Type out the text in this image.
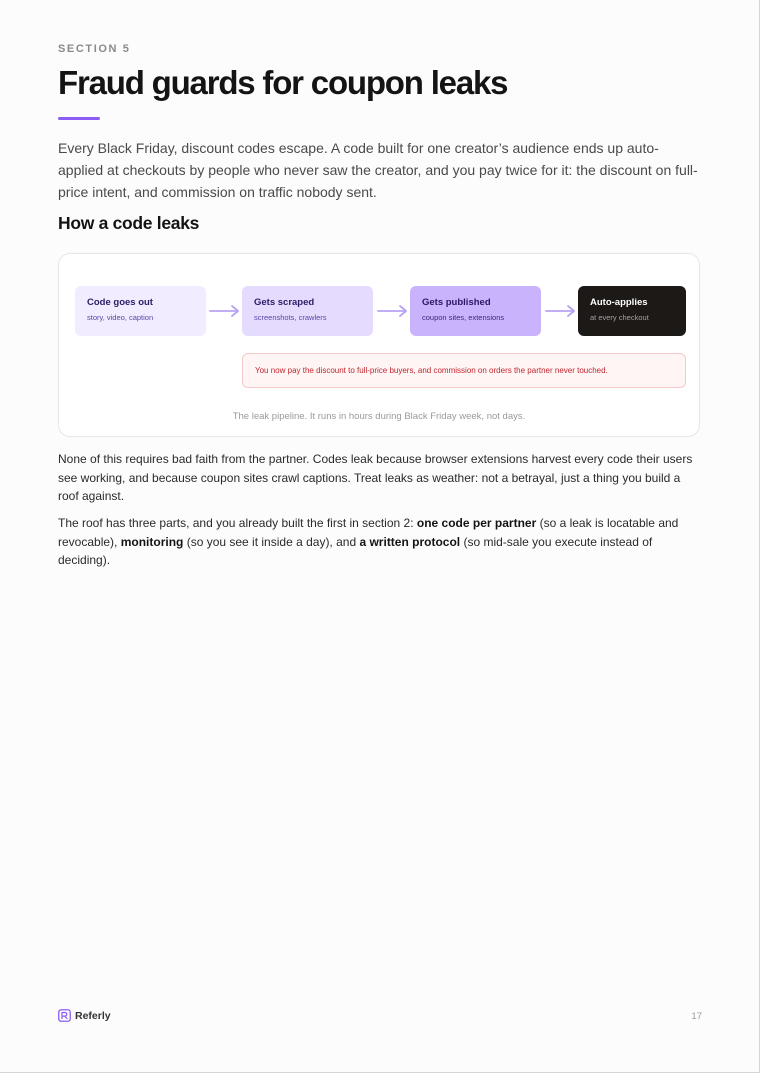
SECTION 5
Fraud guards for coupon leaks

Every Black Friday, discount codes escape. A code built for one creator’s audience ends up auto-applied at checkouts by people who never saw the creator, and you pay twice for it: the discount on full-price intent, and commission on traffic nobody sent.

How a code leaks
Code goes out
story, video, caption
Gets scraped
screenshots, crawlers
Gets published
coupon sites, extensions
Auto-applies
at every checkout
You now pay the discount to full-price buyers, and commission on orders the partner never touched.
The leak pipeline. It runs in hours during Black Friday week, not days.

None of this requires bad faith from the partner. Codes leak because browser extensions harvest every code their users see working, and because coupon sites crawl captions. Treat leaks as weather: not a betrayal, just a thing you build a roof against.

The roof has three parts, and you already built the first in section 2: one code per partner (so a leak is locatable and revocable), monitoring (so you see it inside a day), and a written protocol (so mid-sale you execute instead of deciding).

Referly	17
